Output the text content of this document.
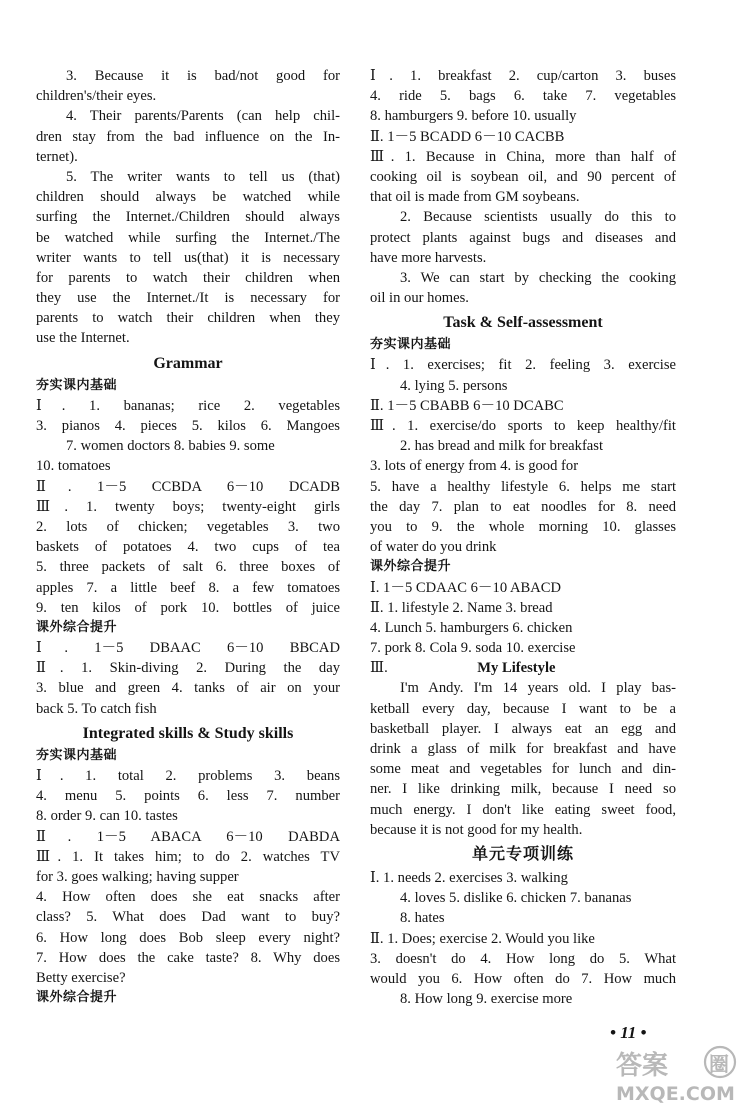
3. Because it is bad/not good for
children's/their eyes.
4. Their parents/Parents (can help chil-
dren stay from the bad influence on the In-
ternet).
5. The writer wants to tell us (that)
children should always be watched while
surfing the Internet./Children should always
be watched while surfing the Internet./The
writer wants to tell us(that) it is necessary
for parents to watch their children when
they use the Internet./It is necessary for
parents to watch their children when they
use the Internet.
Grammar
夯实课内基础
Ⅰ. 1. bananas; rice 2. vegetables
3. pianos 4. pieces 5. kilos 6. Mangoes
7. women doctors 8. babies 9. some
10. tomatoes
Ⅱ. 1－5 CCBDA 6－10 DCADB
Ⅲ. 1. twenty boys; twenty-eight girls
2. lots of chicken; vegetables 3. two
baskets of potatoes 4. two cups of tea
5. three packets of salt 6. three boxes of
apples 7. a little beef 8. a few tomatoes
9. ten kilos of pork 10. bottles of juice
课外综合提升
Ⅰ. 1－5 DBAAC 6－10 BBCAD
Ⅱ. 1. Skin-diving 2. During the day
3. blue and green 4. tanks of air on your
back 5. To catch fish
Integrated skills & Study skills
夯实课内基础
Ⅰ. 1. total 2. problems 3. beans
4. menu 5. points 6. less 7. number
8. order 9. can 10. tastes
Ⅱ. 1－5 ABACA 6－10 DABDA
Ⅲ. 1. It takes him; to do 2. watches TV
for 3. goes walking; having supper
4. How often does she eat snacks after
class? 5. What does Dad want to buy?
6. How long does Bob sleep every night?
7. How does the cake taste? 8. Why does
Betty exercise?
课外综合提升
Ⅰ. 1. breakfast 2. cup/carton 3. buses
4. ride 5. bags 6. take 7. vegetables
8. hamburgers 9. before 10. usually
Ⅱ. 1－5 BCADD 6－10 CACBB
Ⅲ. 1. Because in China, more than half of
cooking oil is soybean oil, and 90 percent of
that oil is made from GM soybeans.
2. Because scientists usually do this to
protect plants against bugs and diseases and
have more harvests.
3. We can start by checking the cooking
oil in our homes.
Task & Self-assessment
夯实课内基础
Ⅰ. 1. exercises; fit 2. feeling 3. exercise
4. lying 5. persons
Ⅱ. 1－5 CBABB 6－10 DCABC
Ⅲ. 1. exercise/do sports to keep healthy/fit
2. has bread and milk for breakfast
3. lots of energy from 4. is good for
5. have a healthy lifestyle 6. helps me start
the day 7. plan to eat noodles for 8. need
you to 9. the whole morning 10. glasses
of water do you drink
课外综合提升
Ⅰ. 1－5 CDAAC 6－10 ABACD
Ⅱ. 1. lifestyle 2. Name 3. bread
4. Lunch 5. hamburgers 6. chicken
7. pork 8. Cola 9. soda 10. exercise
Ⅲ.	My Lifestyle
I'm Andy. I'm 14 years old. I play bas-
ketball every day, because I want to be a
basketball player. I always eat an egg and
drink a glass of milk for breakfast and have
some meat and vegetables for lunch and din-
ner. I like drinking milk, because I need so
much energy. I don't like eating sweet food,
because it is not good for my health.
单元专项训练
Ⅰ. 1. needs 2. exercises 3. walking
4. loves 5. dislike 6. chicken 7. bananas
8. hates
Ⅱ. 1. Does; exercise 2. Would you like
3. doesn't do 4. How long do 5. What
would you 6. How often do 7. How much
8. How long 9. exercise more
• 11 •
答案 圈
MXQE.COM
